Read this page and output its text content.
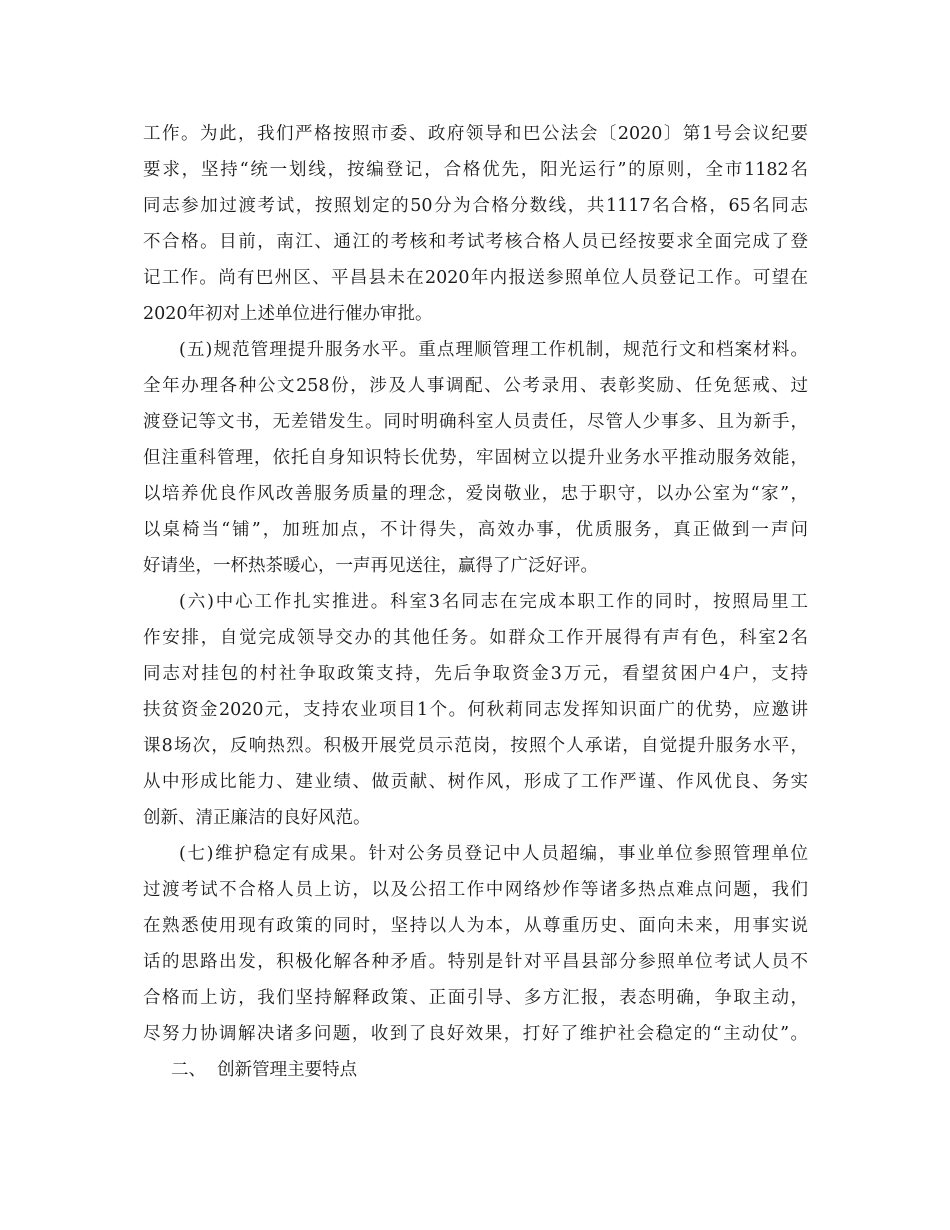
工作。为此，我们严格按照市委、政府领导和巴公法会〔2020〕第1号会议纪要
要求，坚持“统一划线，按编登记，合格优先，阳光运行”的原则，全市1182名
同志参加过渡考试，按照划定的50分为合格分数线，共1117名合格，65名同志
不合格。目前，南江、通江的考核和考试考核合格人员已经按要求全面完成了登
记工作。尚有巴州区、平昌县未在2020年内报送参照单位人员登记工作。可望在
2020年初对上述单位进行催办审批。
(五)规范管理提升服务水平。重点理顺管理工作机制，规范行文和档案材料。
全年办理各种公文258份，涉及人事调配、公考录用、表彰奖励、任免惩戒、过
渡登记等文书，无差错发生。同时明确科室人员责任，尽管人少事多、且为新手，
但注重科管理，依托自身知识特长优势，牢固树立以提升业务水平推动服务效能，
以培养优良作风改善服务质量的理念，爱岗敬业，忠于职守，以办公室为“家”，
以桌椅当“铺”，加班加点，不计得失，高效办事，优质服务，真正做到一声问
好请坐，一杯热茶暖心，一声再见送往，赢得了广泛好评。
(六)中心工作扎实推进。科室3名同志在完成本职工作的同时，按照局里工
作安排，自觉完成领导交办的其他任务。如群众工作开展得有声有色，科室2名
同志对挂包的村社争取政策支持，先后争取资金3万元，看望贫困户4户，支持
扶贫资金2020元，支持农业项目1个。何秋莉同志发挥知识面广的优势，应邀讲
课8场次，反响热烈。积极开展党员示范岗，按照个人承诺，自觉提升服务水平，
从中形成比能力、建业绩、做贡献、树作风，形成了工作严谨、作风优良、务实
创新、清正廉洁的良好风范。
(七)维护稳定有成果。针对公务员登记中人员超编，事业单位参照管理单位
过渡考试不合格人员上访，以及公招工作中网络炒作等诸多热点难点问题，我们
在熟悉使用现有政策的同时，坚持以人为本，从尊重历史、面向未来，用事实说
话的思路出发，积极化解各种矛盾。特别是针对平昌县部分参照单位考试人员不
合格而上访，我们坚持解释政策、正面引导、多方汇报，表态明确，争取主动，
尽努力协调解决诸多问题，收到了良好效果，打好了维护社会稳定的“主动仗”。
二、  创新管理主要特点
